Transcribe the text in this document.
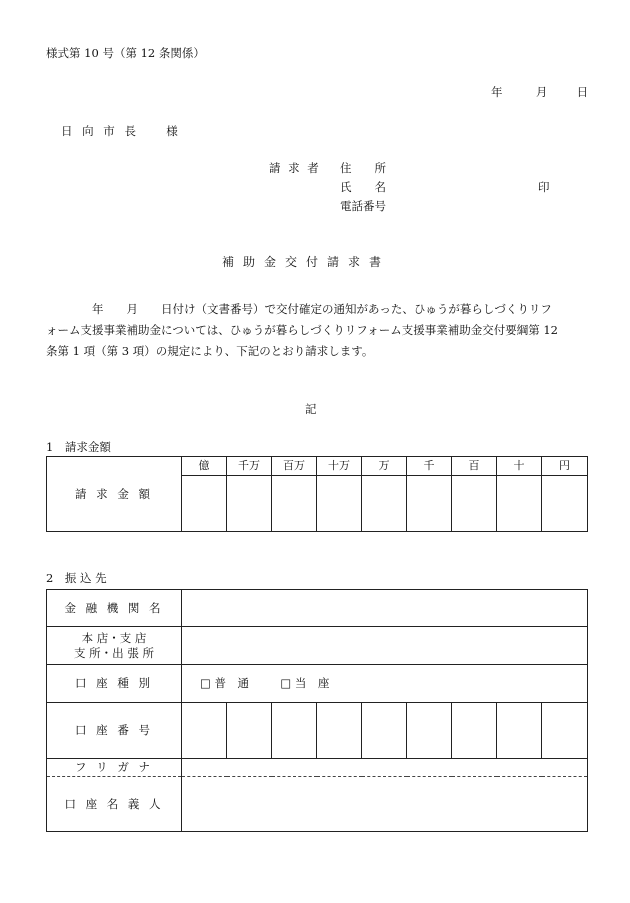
様式第 10 号（第 12 条関係）
年	月	日
日 向 市 長 様
請 求 者 住　　所
氏　　名	印
電話番号
補助金交付請求書
年　　月　　日付け（文書番号）で交付確定の通知があった、ひゅうが暮らしづくりリフ
ォーム支援事業補助金については、ひゅうが暮らしづくりリフォーム支援事業補助金交付要綱第 12
条第 1 項（第 3 項）の規定により、下記のとおり請求します。
記
1　請求金額
請 求 金 額	億	千万	百万	十万	万	千	百	十	円

2　振 込 先
金 融 機 関 名									

本 店・支 店
支 所・出 張 所									

口 座 種 別	□ 普　通 □ 当　座								
口 座 番 号									
フ リ ガ ナ									
口 座 名 義 人									
